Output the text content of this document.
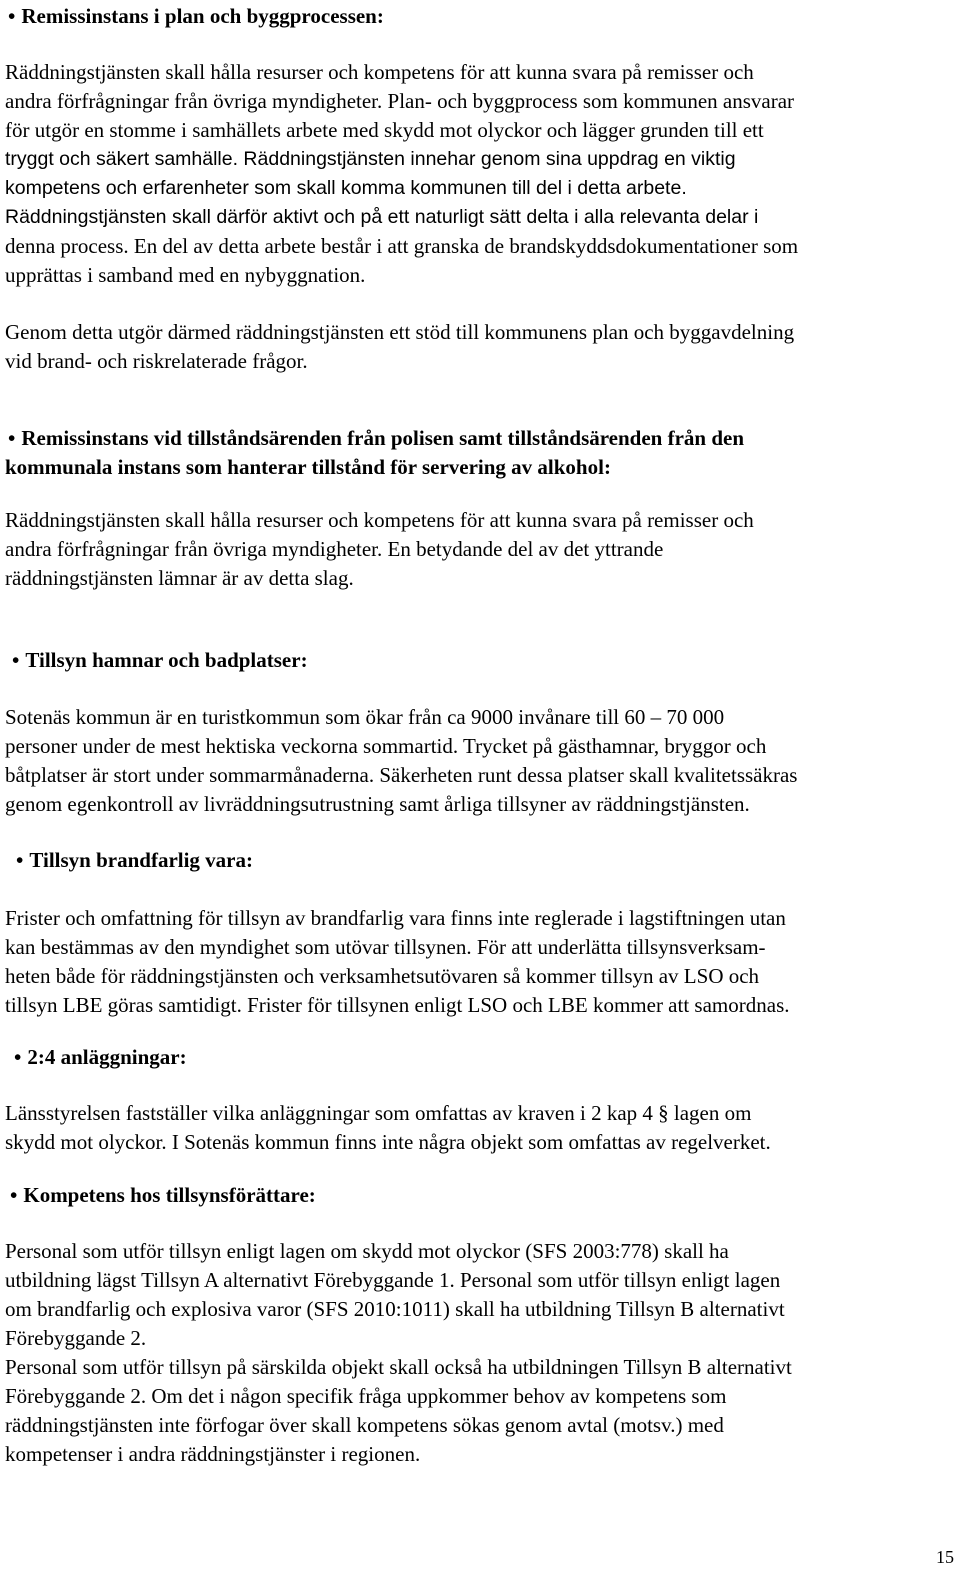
• Remissinstans i plan och byggprocessen:
Räddningstjänsten skall hålla resurser och kompetens för att kunna svara på remisser och
andra förfrågningar från övriga myndigheter. Plan- och byggprocess som kommunen ansvarar
för utgör en stomme i samhällets arbete med skydd mot olyckor och lägger grunden till ett
tryggt och säkert samhälle. Räddningstjänsten innehar genom sina uppdrag en viktig
kompetens och erfarenheter som skall komma kommunen till del i detta arbete.
Räddningstjänsten skall därför aktivt och på ett naturligt sätt delta i alla relevanta delar i
denna process. En del av detta arbete består i att granska de brandskyddsdokumentationer som
upprättas i samband med en nybyggnation.
Genom detta utgör därmed räddningstjänsten ett stöd till kommunens plan och byggavdelning
vid brand- och riskrelaterade frågor.
• Remissinstans vid tillståndsärenden från polisen samt tillståndsärenden från den
kommunala instans som hanterar tillstånd för servering av alkohol:
Räddningstjänsten skall hålla resurser och kompetens för att kunna svara på remisser och
andra förfrågningar från övriga myndigheter. En betydande del av det yttrande
räddningstjänsten lämnar är av detta slag.
• Tillsyn hamnar och badplatser:
Sotenäs kommun är en turistkommun som ökar från ca 9000 invånare till 60 – 70 000
personer under de mest hektiska veckorna sommartid. Trycket på gästhamnar, bryggor och
båtplatser är stort under sommarmånaderna. Säkerheten runt dessa platser skall kvalitetssäkras
genom egenkontroll av livräddningsutrustning samt årliga tillsyner av räddningstjänsten.
• Tillsyn brandfarlig vara:
Frister och omfattning för tillsyn av brandfarlig vara finns inte reglerade i lagstiftningen utan
kan bestämmas av den myndighet som utövar tillsynen. För att underlätta tillsynsverksam-
heten både för räddningstjänsten och verksamhetsutövaren så kommer tillsyn av LSO och
tillsyn LBE göras samtidigt. Frister för tillsynen enligt LSO och LBE kommer att samordnas.
• 2:4 anläggningar:
Länsstyrelsen fastställer vilka anläggningar som omfattas av kraven i 2 kap 4 § lagen om
skydd mot olyckor. I Sotenäs kommun finns inte några objekt som omfattas av regelverket.
• Kompetens hos tillsynsförättare:
Personal som utför tillsyn enligt lagen om skydd mot olyckor (SFS 2003:778) skall ha
utbildning lägst Tillsyn A alternativt Förebyggande 1. Personal som utför tillsyn enligt lagen
om brandfarlig och explosiva varor (SFS 2010:1011) skall ha utbildning Tillsyn B alternativt
Förebyggande 2.
Personal som utför tillsyn på särskilda objekt skall också ha utbildningen Tillsyn B alternativt
Förebyggande 2. Om det i någon specifik fråga uppkommer behov av kompetens som
räddningstjänsten inte förfogar över skall kompetens sökas genom avtal (motsv.) med
kompetenser i andra räddningstjänster i regionen.
15
